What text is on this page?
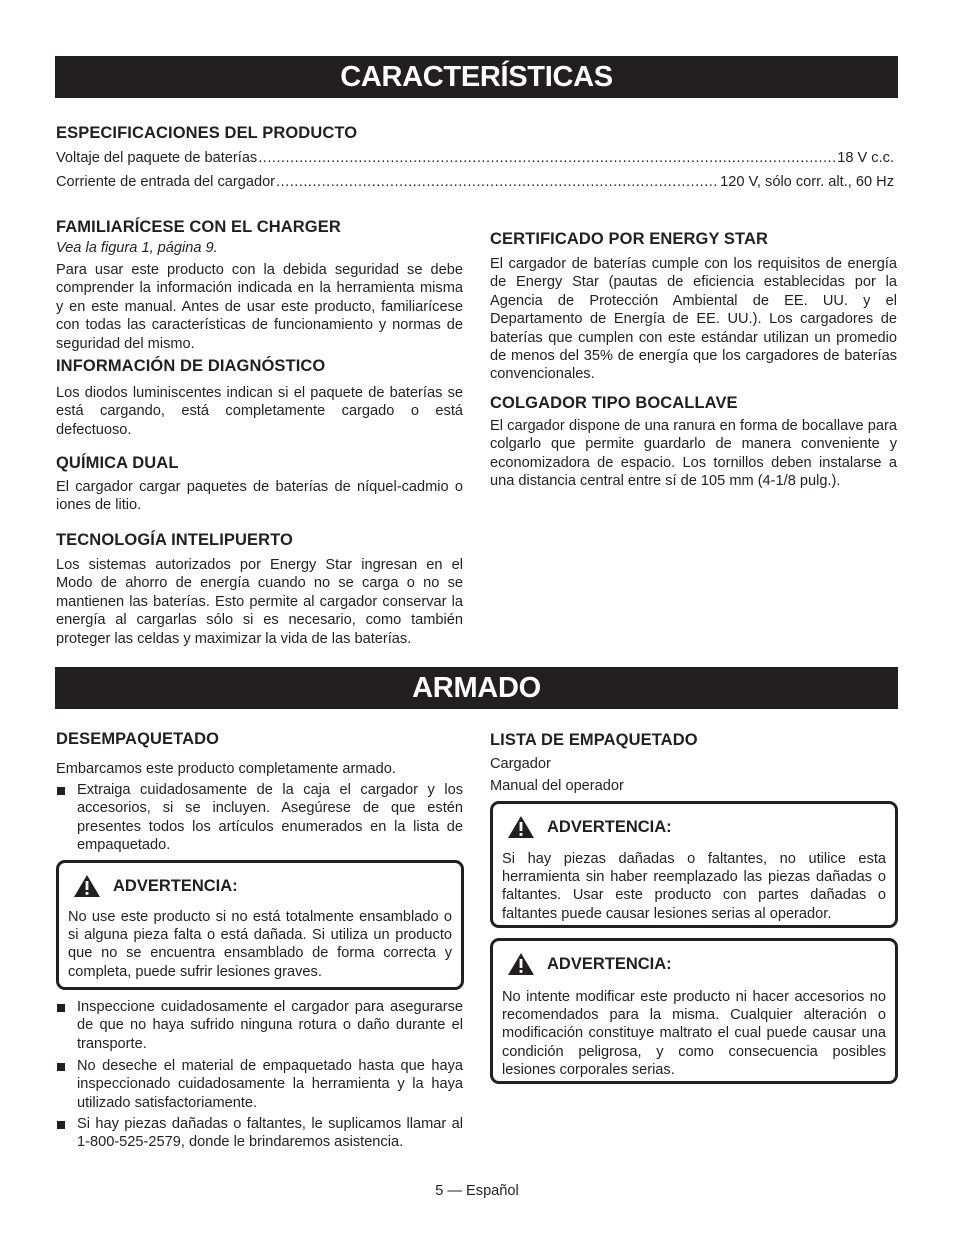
CARACTERÍSTICAS
ESPECIFICACIONES DEL PRODUCTO
Voltaje del paquete de baterías .....	18 V c.c.
Corriente de entrada del cargador .....	120 V, sólo corr. alt., 60 Hz
FAMILIARÍCESE CON EL CHARGER
Vea la figura 1, página 9.
Para usar este producto con la debida seguridad se debe comprender la información indicada en la herramienta misma y en este manual. Antes de usar este producto, familiarícese con todas las características de funcionamiento y normas de seguridad del mismo.
INFORMACIÓN DE DIAGNÓSTICO
Los diodos luminiscentes indican si el paquete de baterías se está cargando, está completamente cargado o está defectuoso.
QUÍMICA DUAL
El cargador cargar paquetes de baterías de níquel-cadmio o iones de litio.
TECNOLOGÍA INTELIPUERTO
Los sistemas autorizados por Energy Star ingresan en el Modo de ahorro de energía cuando no se carga o no se mantienen las baterías. Esto permite al cargador conservar la energía al cargarlas sólo si es necesario, como también proteger las celdas y maximizar la vida de las baterías.
CERTIFICADO POR ENERGY STAR
El cargador de baterías cumple con los requisitos de energía de Energy Star (pautas de eficiencia establecidas por la Agencia de Protección Ambiental de EE. UU. y el Departamento de Energía de EE. UU.). Los cargadores de baterías que cumplen con este estándar utilizan un promedio de menos del 35% de energía que los cargadores de baterías convencionales.
COLGADOR TIPO BOCALLAVE
El cargador dispone de una ranura en forma de bocallave para colgarlo que permite guardarlo de manera conveniente y economizadora de espacio. Los tornillos deben instalarse a una distancia central entre sí de 105 mm (4-1/8 pulg.).
ARMADO
DESEMPAQUETADO
Embarcamos este producto completamente armado.
Extraiga cuidadosamente de la caja el cargador y los accesorios, si se incluyen. Asegúrese de que estén presentes todos los artículos enumerados en la lista de empaquetado.
ADVERTENCIA:
No use este producto si no está totalmente ensamblado o si alguna pieza falta o está dañada. Si utiliza un producto que no se encuentra ensamblado de forma correcta y completa, puede sufrir lesiones graves.
Inspeccione cuidadosamente el cargador para asegurarse de que no haya sufrido ninguna rotura o daño durante el transporte.
No deseche el material de empaquetado hasta que haya inspeccionado cuidadosamente la herramienta y la haya utilizado satisfactoriamente.
Si hay piezas dañadas o faltantes, le suplicamos llamar al 1-800-525-2579, donde le brindaremos asistencia.
LISTA DE EMPAQUETADO
Cargador
Manual del operador
ADVERTENCIA:
Si hay piezas dañadas o faltantes, no utilice esta herramienta sin haber reemplazado las piezas dañadas o faltantes. Usar este producto con partes dañadas o faltantes puede causar lesiones serias al operador.
ADVERTENCIA:
No intente modificar este producto ni hacer accesorios no recomendados para la misma. Cualquier alteración o modificación constituye maltrato el cual puede causar una condición peligrosa, y como consecuencia posibles lesiones corporales serias.
5 — Español
